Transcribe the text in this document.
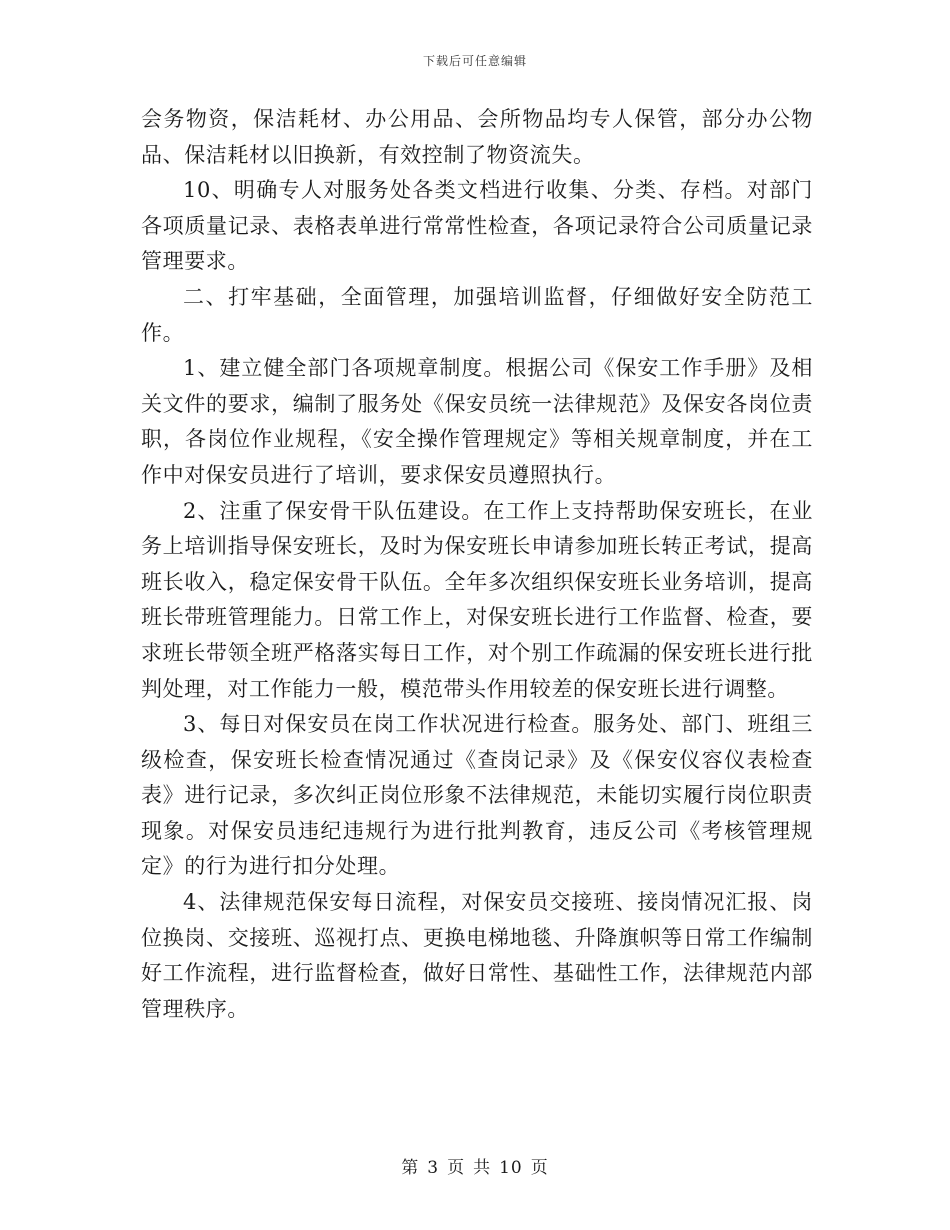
下载后可任意编辑

会务物资，保洁耗材、办公用品、会所物品均专人保管，部分办公物品、保洁耗材以旧换新，有效控制了物资流失。

10、明确专人对服务处各类文档进行收集、分类、存档。对部门各项质量记录、表格表单进行常常性检查，各项记录符合公司质量记录管理要求。

二、打牢基础，全面管理，加强培训监督，仔细做好安全防范工作。

1、建立健全部门各项规章制度。根据公司《保安工作手册》及相关文件的要求，编制了服务处《保安员统一法律规范》及保安各岗位责职，各岗位作业规程，《安全操作管理规定》等相关规章制度，并在工作中对保安员进行了培训，要求保安员遵照执行。

2、注重了保安骨干队伍建设。在工作上支持帮助保安班长，在业务上培训指导保安班长，及时为保安班长申请参加班长转正考试，提高班长收入，稳定保安骨干队伍。全年多次组织保安班长业务培训，提高班长带班管理能力。日常工作上，对保安班长进行工作监督、检查，要求班长带领全班严格落实每日工作，对个别工作疏漏的保安班长进行批判处理，对工作能力一般，模范带头作用较差的保安班长进行调整。

3、每日对保安员在岗工作状况进行检查。服务处、部门、班组三级检查，保安班长检查情况通过《查岗记录》及《保安仪容仪表检查表》进行记录，多次纠正岗位形象不法律规范，未能切实履行岗位职责现象。对保安员违纪违规行为进行批判教育，违反公司《考核管理规定》的行为进行扣分处理。

4、法律规范保安每日流程，对保安员交接班、接岗情况汇报、岗位换岗、交接班、巡视打点、更换电梯地毯、升降旗帜等日常工作编制好工作流程，进行监督检查，做好日常性、基础性工作，法律规范内部管理秩序。

第 3 页 共 10 页
